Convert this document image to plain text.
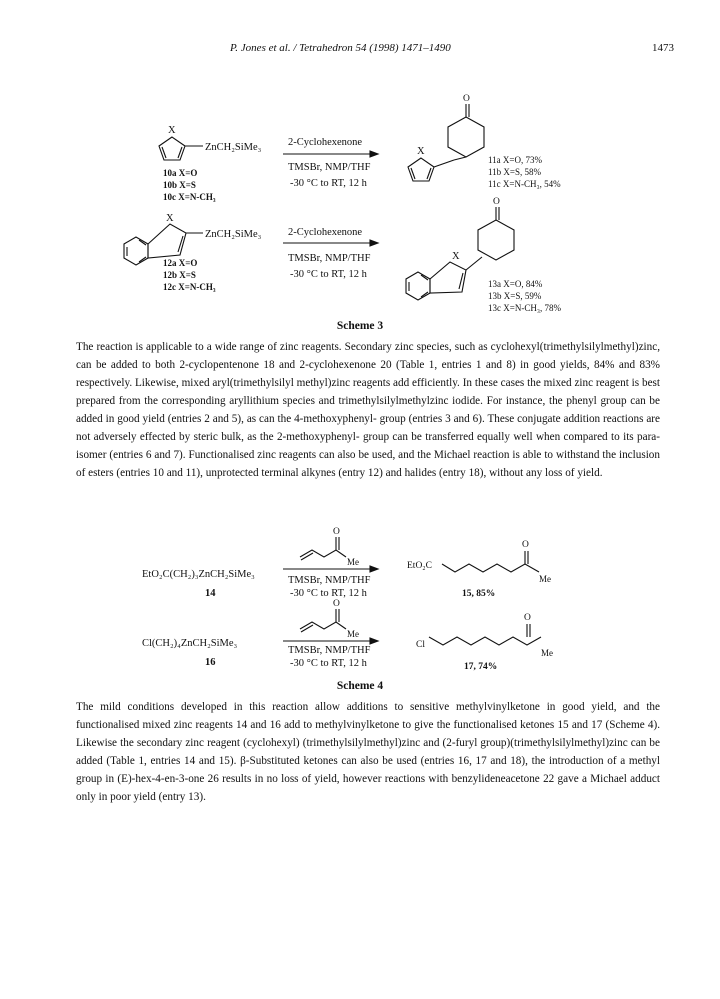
P. Jones et al. / Tetrahedron 54 (1998) 1471–1490	1473
X
ZnCH₂SiMe₃	2-Cyclohexenone
TMSBr, NMP/THF
-30 °C to RT, 12 h
X
O
10a X=O
10b X=S
10c X=N-CH₃
11a X=O, 73%
11b X=S, 58%
11c X=N-CH₃, 54%
X
ZnCH₂SiMe₃	2-Cyclohexenone
TMSBr, NMP/THF
-30 °C to RT, 12 h
X
O
12a X=O
12b X=S
12c X=N-CH₃	13a X=O, 84%
13b X=S, 59%
13c X=N-CH₃, 78%
Scheme 3
The reaction is applicable to a wide range of zinc reagents. Secondary zinc species, such as cyclohexyl(trimethylsilylmethyl)zinc, can be added to both 2-cyclopentenone 18 and 2-cyclohexenone 20 (Table 1, entries 1 and 8) in good yields, 84% and 83% respectively. Likewise, mixed aryl(trimethylsilyl methyl)zinc reagents add efficiently. In these cases the mixed zinc reagent is best prepared from the corresponding aryllithium species and trimethylsilylmethylzinc iodide. For instance, the phenyl group can be added in good yield (entries 2 and 5), as can the 4-methoxyphenyl- group (entries 3 and 6). These conjugate addition reactions are not adversely effected by steric bulk, as the 2-methoxyphenyl- group can be transferred equally well when compared to its para- isomer (entries 6 and 7). Functionalised zinc reagents can also be used, and the Michael reaction is able to withstand the inclusion of esters (entries 10 and 11), unprotected terminal alkynes (entry 12) and halides (entry 18), without any loss of yield.
EtO₂C(CH₂)₃ZnCH₂SiMe₃
14
O
Me
TMSBr, NMP/THF
-30 °C to RT, 12 h
EtO₂C
O
Me
15, 85%
Cl(CH₂)₄ZnCH₂SiMe₃
16
O
Me
TMSBr, NMP/THF
-30 °C to RT, 12 h
Cl
O
Me
17, 74%
Scheme 4
The mild conditions developed in this reaction allow additions to sensitive methylvinylketone in good yield, and the functionalised mixed zinc reagents 14 and 16 add to methylvinylketone to give the functionalised ketones 15 and 17 (Scheme 4). Likewise the secondary zinc reagent (cyclohexyl) (trimethylsilylmethyl)zinc and (2-furyl group)(trimethylsilylmethyl)zinc can be added (Table 1, entries 14 and 15). β-Substituted ketones can also be used (entries 16, 17 and 18), the introduction of a methyl group in (E)-hex-4-en-3-one 26 results in no loss of yield, however reactions with benzylideneacetone 22 gave a Michael adduct only in poor yield (entry 13).
